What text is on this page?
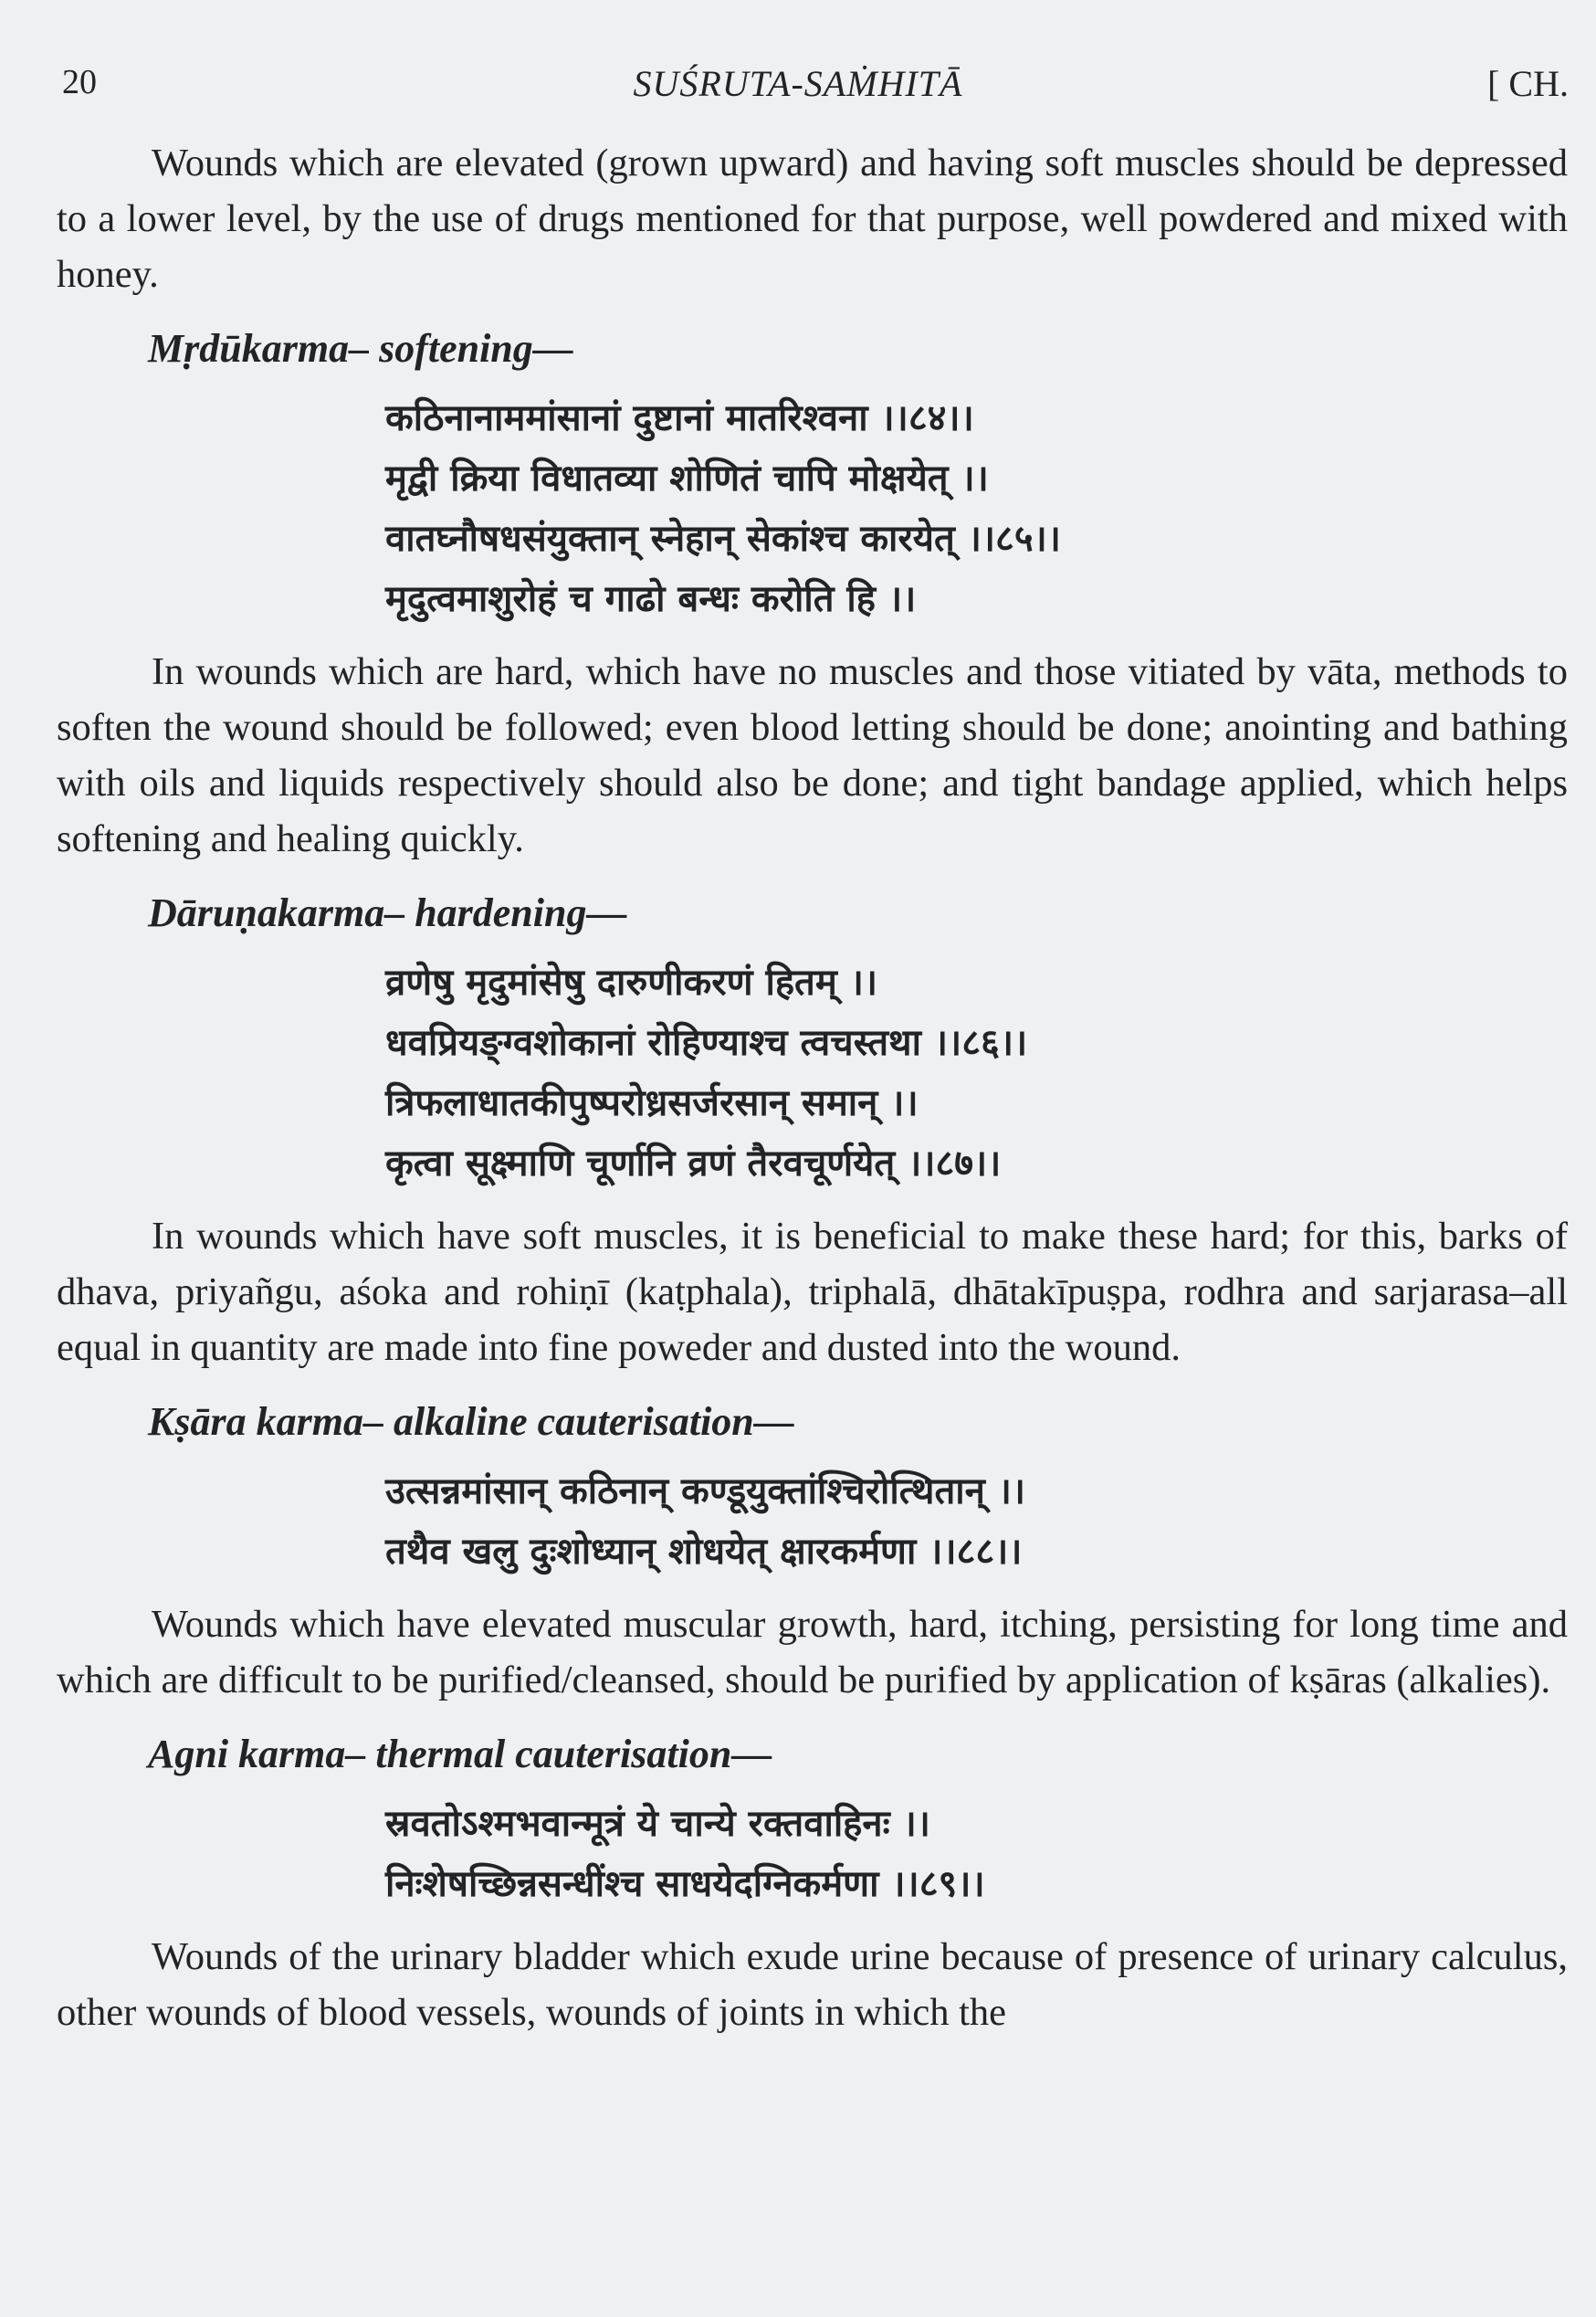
20	SUŚRUTA-SAṀHITĀ	[ CH.

Wounds which are elevated (grown upward) and having soft muscles should be depressed to a lower level, by the use of drugs mentioned for that purpose, well powdered and mixed with honey.

Mṛdūkarma– softening—
कठिनानाममांसानां दुष्टानां मातरिश्वना ।।८४।।
मृद्वी क्रिया विधातव्या शोणितं चापि मोक्षयेत् ।।
वातघ्नौषधसंयुक्तान् स्नेहान् सेकांश्च कारयेत् ।।८५।।
मृदुत्वमाशुरोहं च गाढो बन्धः करोति हि ।।

In wounds which are hard, which have no muscles and those vitiated by vāta, methods to soften the wound should be followed; even blood letting should be done; anointing and bathing with oils and liquids respectively should also be done; and tight bandage applied, which helps softening and healing quickly.

Dāruṇakarma– hardening—
व्रणेषु मृदुमांसेषु दारुणीकरणं हितम् ।।
धवप्रियङ्ग्वशोकानां रोहिण्याश्च त्वचस्तथा ।।८६।।
त्रिफलाधातकीपुष्परोध्रसर्जरसान् समान् ।।
कृत्वा सूक्ष्माणि चूर्णानि व्रणं तैरवचूर्णयेत् ।।८७।।

In wounds which have soft muscles, it is beneficial to make these hard; for this, barks of dhava, priyañgu, aśoka and rohiṇī (kaṭphala), triphalā, dhātakīpuṣpa, rodhra and sarjarasa–all equal in quantity are made into fine poweder and dusted into the wound.

Kṣāra karma– alkaline cauterisation—
उत्सन्नमांसान् कठिनान् कण्डूयुक्तांश्चिरोत्थितान् ।।
तथैव खलु दुःशोध्यान् शोधयेत् क्षारकर्मणा ।।८८।।

Wounds which have elevated muscular growth, hard, itching, persisting for long time and which are difficult to be purified/cleansed, should be purified by application of kṣāras (alkalies).

Agni karma– thermal cauterisation—
स्रवतोऽश्मभवान्मूत्रं ये चान्ये रक्तवाहिनः ।।
निःशेषच्छिन्नसन्धींश्च साधयेदग्निकर्मणा ।।८९।।

Wounds of the urinary bladder which exude urine because of presence of urinary calculus, other wounds of blood vessels, wounds of joints in which the
